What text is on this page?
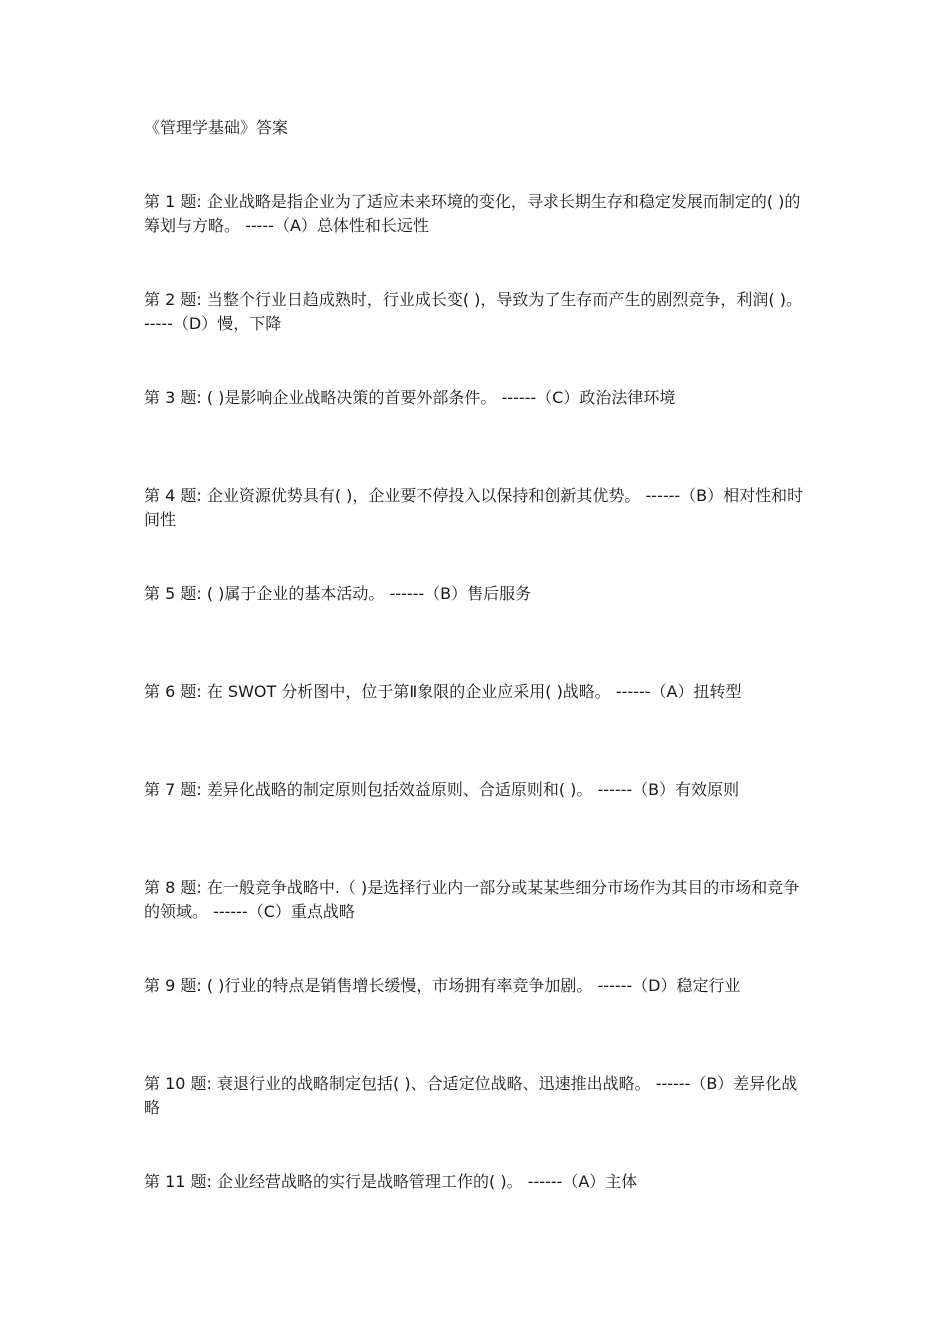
《管理学基础》答案
第 1 题: 企业战略是指企业为了适应未来环境的变化，寻求长期生存和稳定发展而制定的( )的筹划与方略。 -----（A）总体性和长远性
第 2 题: 当整个行业日趋成熟时，行业成长变( )，导致为了生存而产生的剧烈竞争，利润( )。 -----（D）慢，下降
第 3 题: ( )是影响企业战略决策的首要外部条件。 ------（C）政治法律环境
第 4 题: 企业资源优势具有( )，企业要不停投入以保持和创新其优势。 ------（B）相对性和时间性
第 5 题: ( )属于企业的基本活动。 ------（B）售后服务
第 6 题: 在 SWOT 分析图中，位于第Ⅱ象限的企业应采用( )战略。 ------（A）扭转型
第 7 题: 差异化战略的制定原则包括效益原则、合适原则和( )。 ------（B）有效原则
第 8 题: 在一般竞争战略中.（ )是选择行业内一部分或某某些细分市场作为其目的市场和竞争的领域。 ------（C）重点战略
第 9 题: ( )行业的特点是销售增长缓慢，市场拥有率竞争加剧。 ------（D）稳定行业
第 10 题: 衰退行业的战略制定包括( )、合适定位战略、迅速推出战略。 ------（B）差异化战略
第 11 题: 企业经营战略的实行是战略管理工作的( )。 ------（A）主体
